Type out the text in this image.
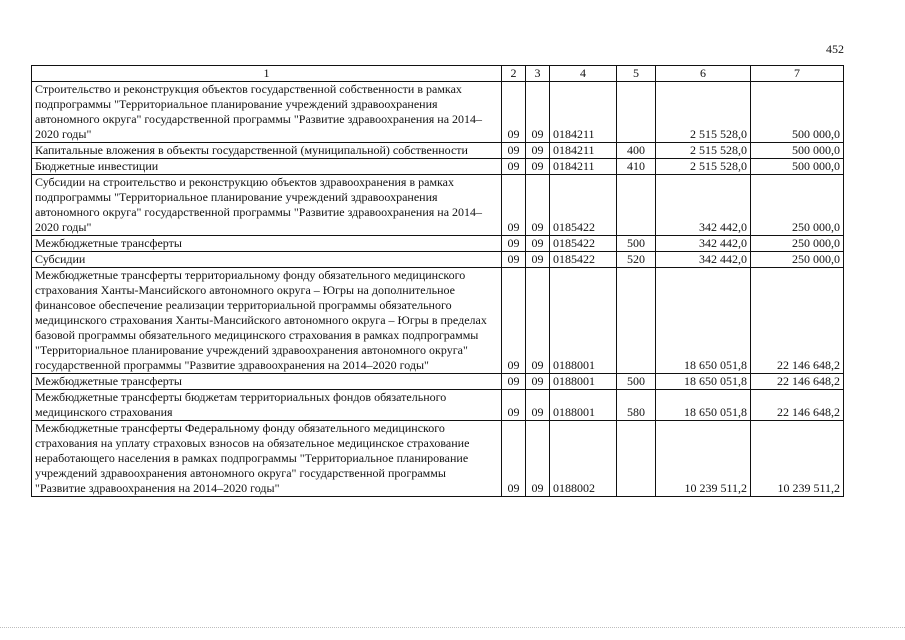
452
1	2	3	4	5	6	7
Строительство и реконструкция объектов государственной собственности в рамках подпрограммы "Территориальное планирование учреждений здравоохранения автономного округа" государственной программы "Развитие здравоохранения на 2014–2020 годы"	09	09	0184211		2 515 528,0	500 000,0
Капитальные вложения в объекты государственной (муниципальной) собственности	09	09	0184211	400	2 515 528,0	500 000,0
Бюджетные инвестиции	09	09	0184211	410	2 515 528,0	500 000,0
Субсидии на строительство и реконструкцию объектов здравоохранения в рамках подпрограммы "Территориальное планирование учреждений здравоохранения автономного округа" государственной программы "Развитие здравоохранения на 2014–2020 годы"	09	09	0185422		342 442,0	250 000,0
Межбюджетные трансферты	09	09	0185422	500	342 442,0	250 000,0
Субсидии	09	09	0185422	520	342 442,0	250 000,0
Межбюджетные трансферты территориальному фонду обязательного медицинского страхования Ханты-Мансийского автономного округа – Югры на дополнительное финансовое обеспечение реализации территориальной программы обязательного медицинского страхования Ханты-Мансийского автономного округа – Югры в пределах базовой программы обязательного медицинского страхования в рамках подпрограммы "Территориальное планирование учреждений здравоохранения автономного округа" государственной программы "Развитие здравоохранения на 2014–2020 годы"	09	09	0188001		18 650 051,8	22 146 648,2
Межбюджетные трансферты	09	09	0188001	500	18 650 051,8	22 146 648,2
Межбюджетные трансферты бюджетам территориальных фондов обязательного медицинского страхования	09	09	0188001	580	18 650 051,8	22 146 648,2
Межбюджетные трансферты Федеральному фонду обязательного медицинского страхования на уплату страховых взносов на обязательное медицинское страхование неработающего населения в рамках подпрограммы "Территориальное планирование учреждений здравоохранения автономного округа" государственной программы "Развитие здравоохранения на 2014–2020 годы"	09	09	0188002		10 239 511,2	10 239 511,2
